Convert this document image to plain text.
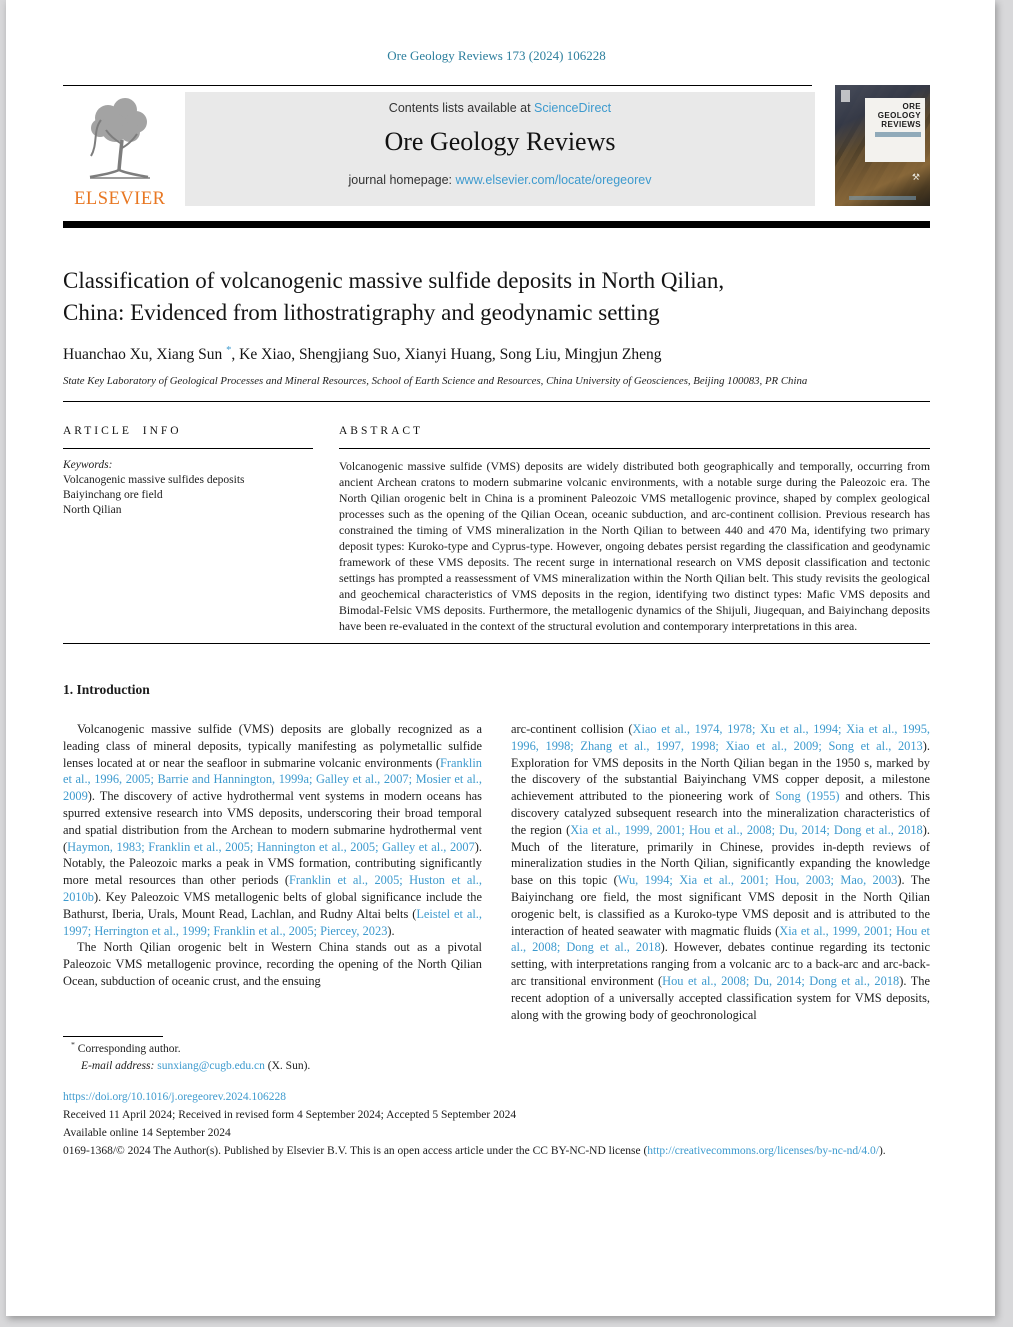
Ore Geology Reviews 173 (2024) 106228
ELSEVIER
Contents lists available at ScienceDirect
Ore Geology Reviews
journal homepage: www.elsevier.com/locate/oregeorev
ORE
GEOLOGY
REVIEWS
⚒
Classification of volcanogenic massive sulfide deposits in North Qilian,
China: Evidenced from lithostratigraphy and geodynamic setting
Huanchao Xu, Xiang Sun *, Ke Xiao, Shengjiang Suo, Xianyi Huang, Song Liu, Mingjun Zheng
State Key Laboratory of Geological Processes and Mineral Resources, School of Earth Science and Resources, China University of Geosciences, Beijing 100083, PR China
ARTICLE INFO
Keywords:
Volcanogenic massive sulfides deposits
Baiyinchang ore field
North Qilian
ABSTRACT
Volcanogenic massive sulfide (VMS) deposits are widely distributed both geographically and temporally, occurring from ancient Archean cratons to modern submarine volcanic environments, with a notable surge during the Paleozoic era. The North Qilian orogenic belt in China is a prominent Paleozoic VMS metallogenic province, shaped by complex geological processes such as the opening of the Qilian Ocean, oceanic subduction, and arc-continent collision. Previous research has constrained the timing of VMS mineralization in the North Qilian to between 440 and 470 Ma, identifying two primary deposit types: Kuroko-type and Cyprus-type. However, ongoing debates persist regarding the classification and geodynamic framework of these VMS deposits. The recent surge in international research on VMS deposit classification and tectonic settings has prompted a reassessment of VMS mineralization within the North Qilian belt. This study revisits the geological and geochemical characteristics of VMS deposits in the region, identifying two distinct types: Mafic VMS deposits and Bimodal-Felsic VMS deposits. Furthermore, the metallogenic dynamics of the Shijuli, Jiugequan, and Baiyinchang deposits have been re-evaluated in the context of the structural evolution and contemporary interpretations in this area.
1. Introduction

Volcanogenic massive sulfide (VMS) deposits are globally recognized as a leading class of mineral deposits, typically manifesting as polymetallic sulfide lenses located at or near the seafloor in submarine volcanic environments (Franklin et al., 1996, 2005; Barrie and Hannington, 1999a; Galley et al., 2007; Mosier et al., 2009). The discovery of active hydrothermal vent systems in modern oceans has spurred extensive research into VMS deposits, underscoring their broad temporal and spatial distribution from the Archean to modern submarine hydrothermal vent (Haymon, 1983; Franklin et al., 2005; Hannington et al., 2005; Galley et al., 2007). Notably, the Paleozoic marks a peak in VMS formation, contributing significantly more metal resources than other periods (Franklin et al., 2005; Huston et al., 2010b). Key Paleozoic VMS metallogenic belts of global significance include the Bathurst, Iberia, Urals, Mount Read, Lachlan, and Rudny Altai belts (Leistel et al., 1997; Herrington et al., 1999; Franklin et al., 2005; Piercey, 2023).

The North Qilian orogenic belt in Western China stands out as a pivotal Paleozoic VMS metallogenic province, recording the opening of the North Qilian Ocean, subduction of oceanic crust, and the ensuing

arc-continent collision (Xiao et al., 1974, 1978; Xu et al., 1994; Xia et al., 1995, 1996, 1998; Zhang et al., 1997, 1998; Xiao et al., 2009; Song et al., 2013). Exploration for VMS deposits in the North Qilian began in the 1950 s, marked by the discovery of the substantial Baiyinchang VMS copper deposit, a milestone achievement attributed to the pioneering work of Song (1955) and others. This discovery catalyzed subsequent research into the mineralization characteristics of the region (Xia et al., 1999, 2001; Hou et al., 2008; Du, 2014; Dong et al., 2018). Much of the literature, primarily in Chinese, provides in-depth reviews of mineralization studies in the North Qilian, significantly expanding the knowledge base on this topic (Wu, 1994; Xia et al., 2001; Hou, 2003; Mao, 2003). The Baiyinchang ore field, the most significant VMS deposit in the North Qilian orogenic belt, is classified as a Kuroko-type VMS deposit and is attributed to the interaction of heated seawater with magmatic fluids (Xia et al., 1999, 2001; Hou et al., 2008; Dong et al., 2018). However, debates continue regarding its tectonic setting, with interpretations ranging from a volcanic arc to a back-arc and arc-back-arc transitional environment (Hou et al., 2008; Du, 2014; Dong et al., 2018). The recent adoption of a universally accepted classification system for VMS deposits, along with the growing body of geochronological

* Corresponding author.
E-mail address: sunxiang@cugb.edu.cn (X. Sun).
https://doi.org/10.1016/j.oregeorev.2024.106228
Received 11 April 2024; Received in revised form 4 September 2024; Accepted 5 September 2024
Available online 14 September 2024
0169-1368/© 2024 The Author(s). Published by Elsevier B.V. This is an open access article under the CC BY-NC-ND license (http://creativecommons.org/licenses/by-nc-nd/4.0/).
